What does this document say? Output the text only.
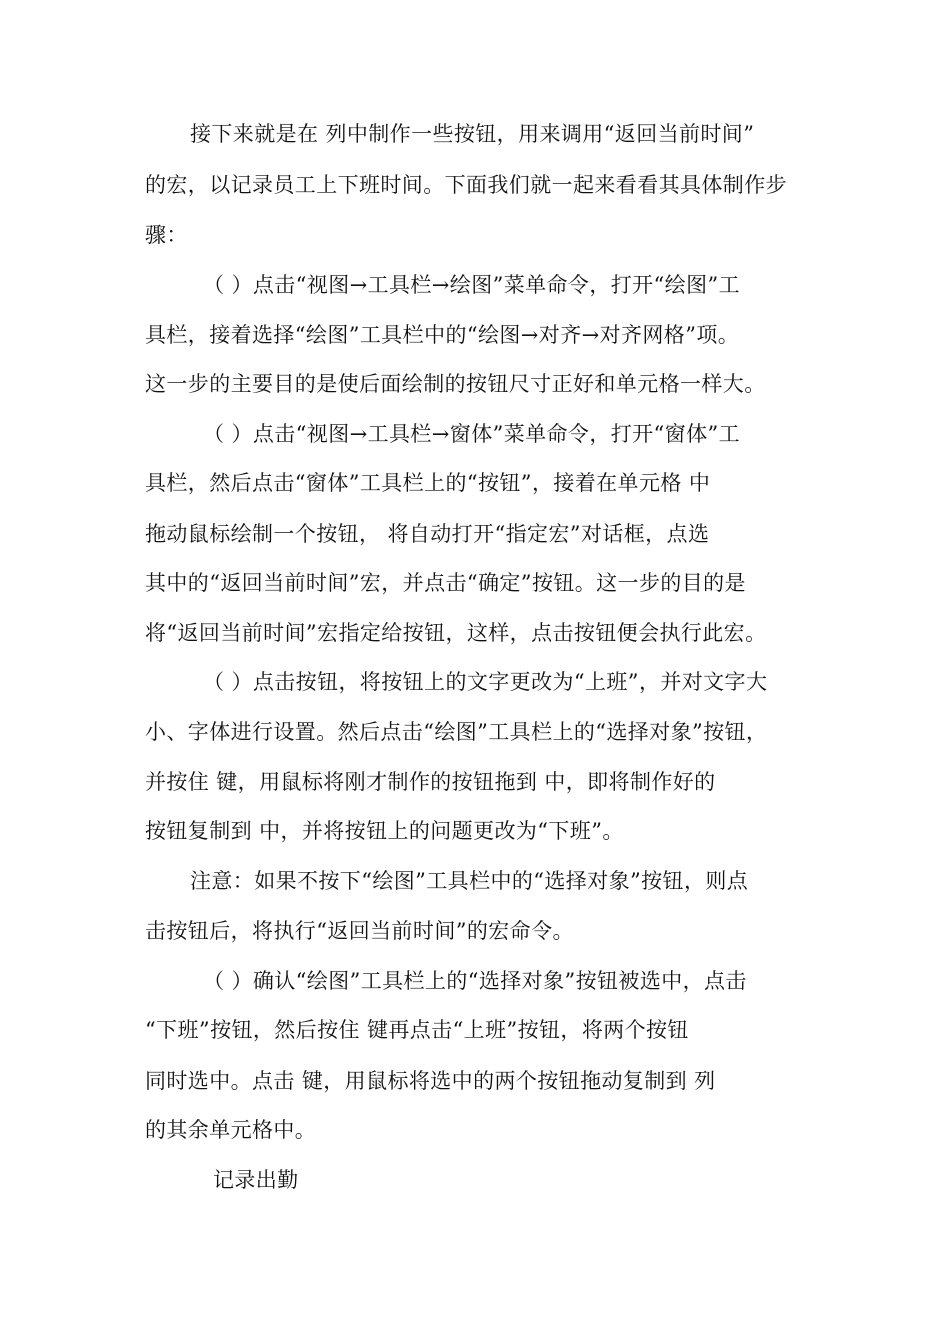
接下来就是在 列中制作一些按钮，用来调用“返回当前时间”
的宏，以记录员工上下班时间。下面我们就一起来看看其具体制作步
骤：
（ ）点击“视图→工具栏→绘图”菜单命令，打开“绘图”工
具栏，接着选择“绘图”工具栏中的“绘图→对齐→对齐网格”项。
这一步的主要目的是使后面绘制的按钮尺寸正好和单元格一样大。
（ ）点击“视图→工具栏→窗体”菜单命令，打开“窗体”工
具栏，然后点击“窗体”工具栏上的“按钮”，接着在单元格 中
拖动鼠标绘制一个按钮， 将自动打开“指定宏”对话框，点选
其中的“返回当前时间”宏，并点击“确定”按钮。这一步的目的是
将“返回当前时间”宏指定给按钮，这样，点击按钮便会执行此宏。
（ ）点击按钮，将按钮上的文字更改为“上班”，并对文字大
小、字体进行设置。然后点击“绘图”工具栏上的“选择对象”按钮，
并按住 键，用鼠标将刚才制作的按钮拖到 中，即将制作好的
按钮复制到 中，并将按钮上的问题更改为“下班”。
注意：如果不按下“绘图”工具栏中的“选择对象”按钮，则点
击按钮后，将执行“返回当前时间”的宏命令。
（ ）确认“绘图”工具栏上的“选择对象”按钮被选中，点击
“下班”按钮，然后按住 键再点击“上班”按钮，将两个按钮
同时选中。点击 键，用鼠标将选中的两个按钮拖动复制到 列
的其余单元格中。
记录出勤
